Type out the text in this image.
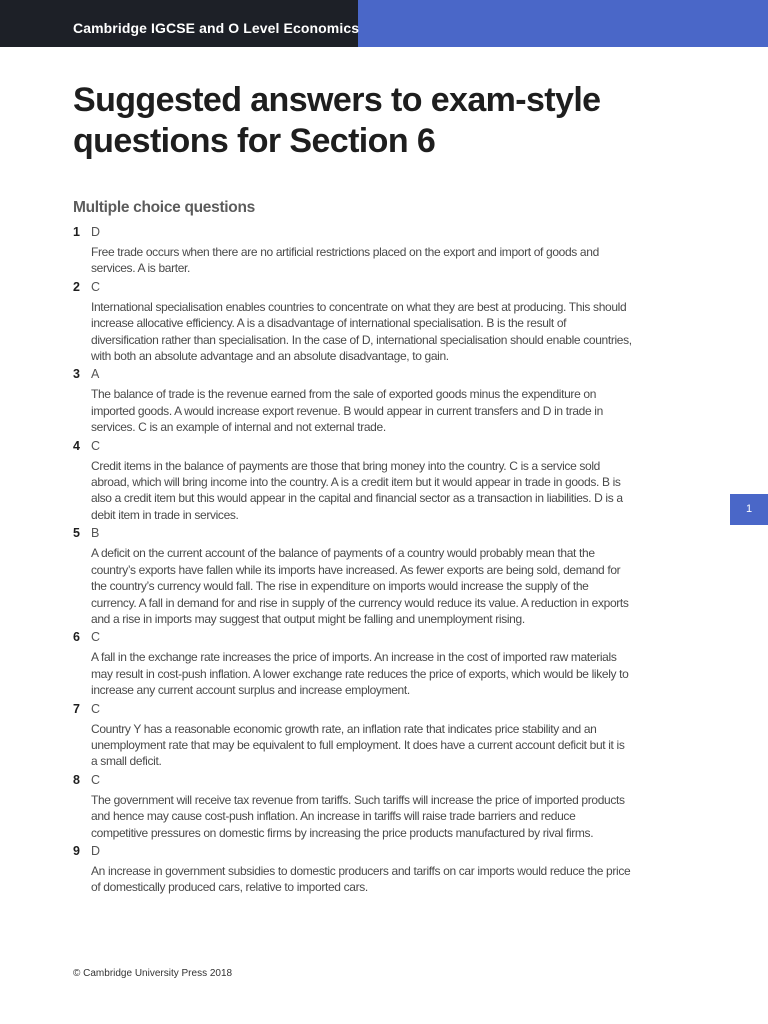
Cambridge IGCSE and O Level Economics
Suggested answers to exam-style questions for Section 6
Multiple choice questions
1 D
Free trade occurs when there are no artificial restrictions placed on the export and import of goods and services. A is barter.
2 C
International specialisation enables countries to concentrate on what they are best at producing. This should increase allocative efficiency. A is a disadvantage of international specialisation. B is the result of diversification rather than specialisation. In the case of D, international specialisation should enable countries, with both an absolute advantage and an absolute disadvantage, to gain.
3 A
The balance of trade is the revenue earned from the sale of exported goods minus the expenditure on imported goods. A would increase export revenue. B would appear in current transfers and D in trade in services. C is an example of internal and not external trade.
4 C
Credit items in the balance of payments are those that bring money into the country. C is a service sold abroad, which will bring income into the country. A is a credit item but it would appear in trade in goods. B is also a credit item but this would appear in the capital and financial sector as a transaction in liabilities. D is a debit item in trade in services.
5 B
A deficit on the current account of the balance of payments of a country would probably mean that the country’s exports have fallen while its imports have increased. As fewer exports are being sold, demand for the country’s currency would fall. The rise in expenditure on imports would increase the supply of the currency. A fall in demand for and rise in supply of the currency would reduce its value. A reduction in exports and a rise in imports may suggest that output might be falling and unemployment rising.
6 C
A fall in the exchange rate increases the price of imports. An increase in the cost of imported raw materials may result in cost-push inflation. A lower exchange rate reduces the price of exports, which would be likely to increase any current account surplus and increase employment.
7 C
Country Y has a reasonable economic growth rate, an inflation rate that indicates price stability and an unemployment rate that may be equivalent to full employment. It does have a current account deficit but it is a small deficit.
8 C
The government will receive tax revenue from tariffs. Such tariffs will increase the price of imported products and hence may cause cost-push inflation. An increase in tariffs will raise trade barriers and reduce competitive pressures on domestic firms by increasing the price products manufactured by rival firms.
9 D
An increase in government subsidies to domestic producers and tariffs on car imports would reduce the price of domestically produced cars, relative to imported cars.
1
© Cambridge University Press 2018
